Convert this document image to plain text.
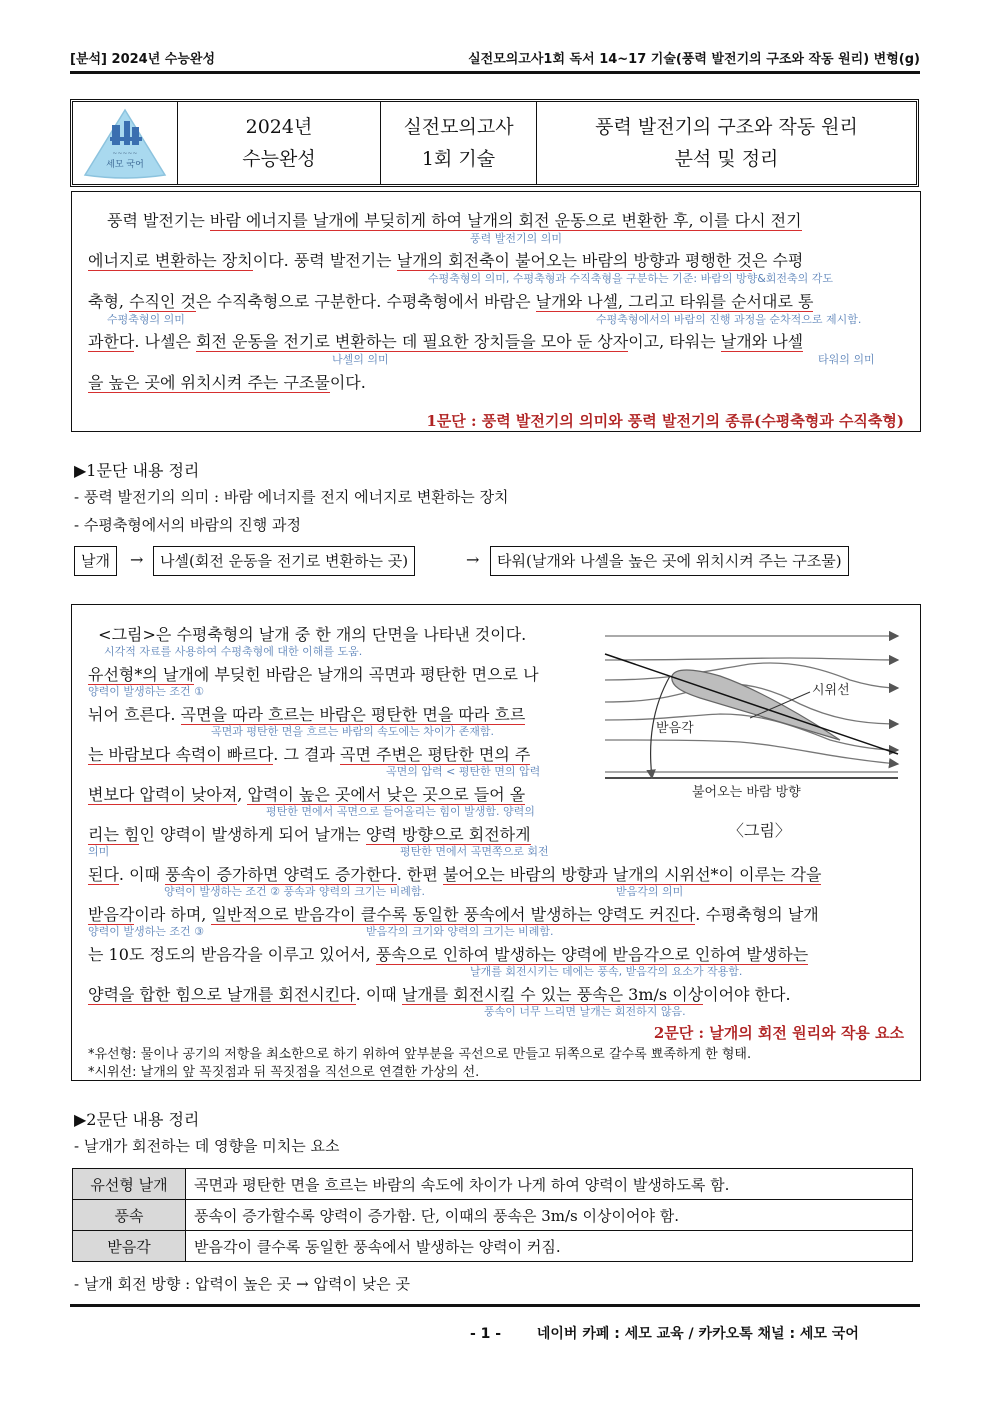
[분석] 2024년 수능완성	실전모의고사1회 독서 14~17 기술(풍력 발전기의 구조와 작동 원리) 변형(g)
~~~~~
세모 국어
2024년
수능완성
실전모의고사
1회 기술
풍력 발전기의 구조와 작동 원리
분석 및 정리
풍력 발전기는 바람 에너지를 날개에 부딪히게 하여 날개의 회전 운동으로 변환한 후, 이를 다시 전기
풍력 발전기의 의미
에너지로 변환하는 장치이다. 풍력 발전기는 날개의 회전축이 불어오는 바람의 방향과 평행한 것은 수평
수평축형의 의미, 수평축형과 수직축형을 구분하는 기준: 바람의 방향&회전축의 각도
축형, 수직인 것은 수직축형으로 구분한다. 수평축형에서 바람은 날개와 나셀, 그리고 타워를 순서대로 통
수평축형의 의미	수평축형에서의 바람의 진행 과정을 순차적으로 제시함.
과한다. 나셀은 회전 운동을 전기로 변환하는 데 필요한 장치들을 모아 둔 상자이고, 타워는 날개와 나셀
나셀의 의미	타워의 의미
을 높은 곳에 위치시켜 주는 구조물이다.
1문단 : 풍력 발전기의 의미와 풍력 발전기의 종류(수평축형과 수직축형)
▶1문단 내용 정리
- 풍력 발전기의 의미 : 바람 에너지를 전지 에너지로 변환하는 장치
- 수평축형에서의 바람의 진행 과정
날개	→	나셀(회전 운동을 전기로 변환하는 곳)	→	타워(날개와 나셀을 높은 곳에 위치시켜 주는 구조물)
<그림>은 수평축형의 날개 중 한 개의 단면을 나타낸 것이다.
시각적 자료를 사용하여 수평축형에 대한 이해를 도움.
유선형*의 날개에 부딪힌 바람은 날개의 곡면과 평탄한 면으로 나
양력이 발생하는 조건 ①
뉘어 흐른다. 곡면을 따라 흐르는 바람은 평탄한 면을 따라 흐르
곡면과 평탄한 면을 흐르는 바람의 속도에는 차이가 존재함.
는 바람보다 속력이 빠르다. 그 결과 곡면 주변은 평탄한 면의 주
곡면의 압력 < 평탄한 면의 압력
변보다 압력이 낮아져, 압력이 높은 곳에서 낮은 곳으로 들어 올
평탄한 면에서 곡면으로 들어올리는 힘이 발생함. 양력의
리는 힘인 양력이 발생하게 되어 날개는 양력 방향으로 회전하게
의미	평탄한 면에서 곡면쪽으로 회전
된다. 이때 풍속이 증가하면 양력도 증가한다. 한편 불어오는 바람의 방향과 날개의 시위선*이 이루는 각을
양력이 발생하는 조건 ② 풍속과 양력의 크기는 비례함.	받음각의 의미
받음각이라 하며, 일반적으로 받음각이 클수록 동일한 풍속에서 발생하는 양력도 커진다. 수평축형의 날개
양력이 발생하는 조건 ③	받음각의 크기와 양력의 크기는 비례함.
는 10도 정도의 받음각을 이루고 있어서, 풍속으로 인하여 발생하는 양력에 받음각으로 인하여 발생하는
날개를 회전시키는 데에는 풍속, 받음각의 요소가 작용함.
양력을 합한 힘으로 날개를 회전시킨다. 이때 날개를 회전시킬 수 있는 풍속은 3m/s 이상이어야 한다.
풍속이 너무 느리면 날개는 회전하지 않음.
시위선
받음각
불어오는 바람 방향
〈그림〉
2문단 : 날개의 회전 원리와 작용 요소
*유선형: 물이나 공기의 저항을 최소한으로 하기 위하여 앞부분을 곡선으로 만들고 뒤쪽으로 갈수록 뾰족하게 한 형태.
*시위선: 날개의 앞 꼭짓점과 뒤 꼭짓점을 직선으로 연결한 가상의 선.
▶2문단 내용 정리
- 날개가 회전하는 데 영향을 미치는 요소
유선형 날개	곡면과 평탄한 면을 흐르는 바람의 속도에 차이가 나게 하여 양력이 발생하도록 함.
풍속	풍속이 증가할수록 양력이 증가함. 단, 이때의 풍속은 3m/s 이상이어야 함.
받음각	받음각이 클수록 동일한 풍속에서 발생하는 양력이 커짐.
- 날개 회전 방향 : 압력이 높은 곳 → 압력이 낮은 곳
- 1 -	네이버 카페 : 세모 교육 / 카카오톡 채널 : 세모 국어
